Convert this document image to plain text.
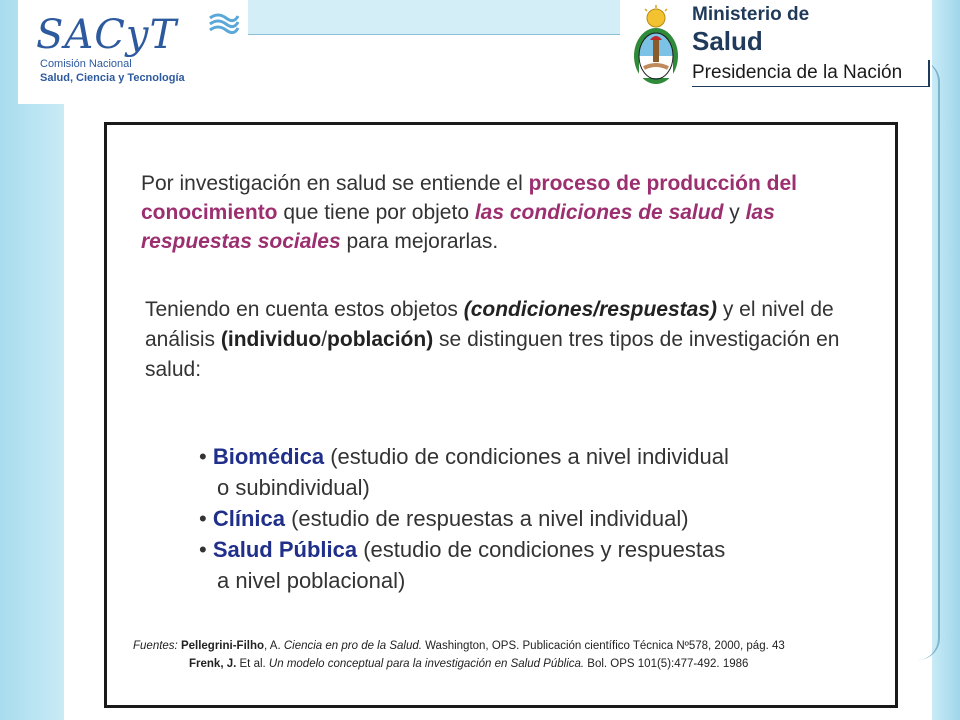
SACyT
Comisión Nacional
Salud, Ciencia y Tecnología
Ministerio de
Salud
Presidencia de la Nación
Por investigación en salud se entiende el proceso de producción del conocimiento que tiene por objeto las condiciones de salud y las respuestas sociales para mejorarlas.
Teniendo en cuenta estos objetos (condiciones/respuestas) y el nivel de análisis (individuo/población) se distinguen tres tipos de investigación en salud:
• Biomédica (estudio de condiciones a nivel individual
o subindividual)
• Clínica (estudio de respuestas a nivel individual)
• Salud Pública (estudio de condiciones y respuestas
a nivel poblacional)
Fuentes: Pellegrini-Filho, A. Ciencia en pro de la Salud. Washington, OPS. Publicación científico Técnica Nº578, 2000, pág. 43
Frenk, J. Et al. Un modelo conceptual para la investigación en Salud Pública. Bol. OPS 101(5):477-492. 1986
